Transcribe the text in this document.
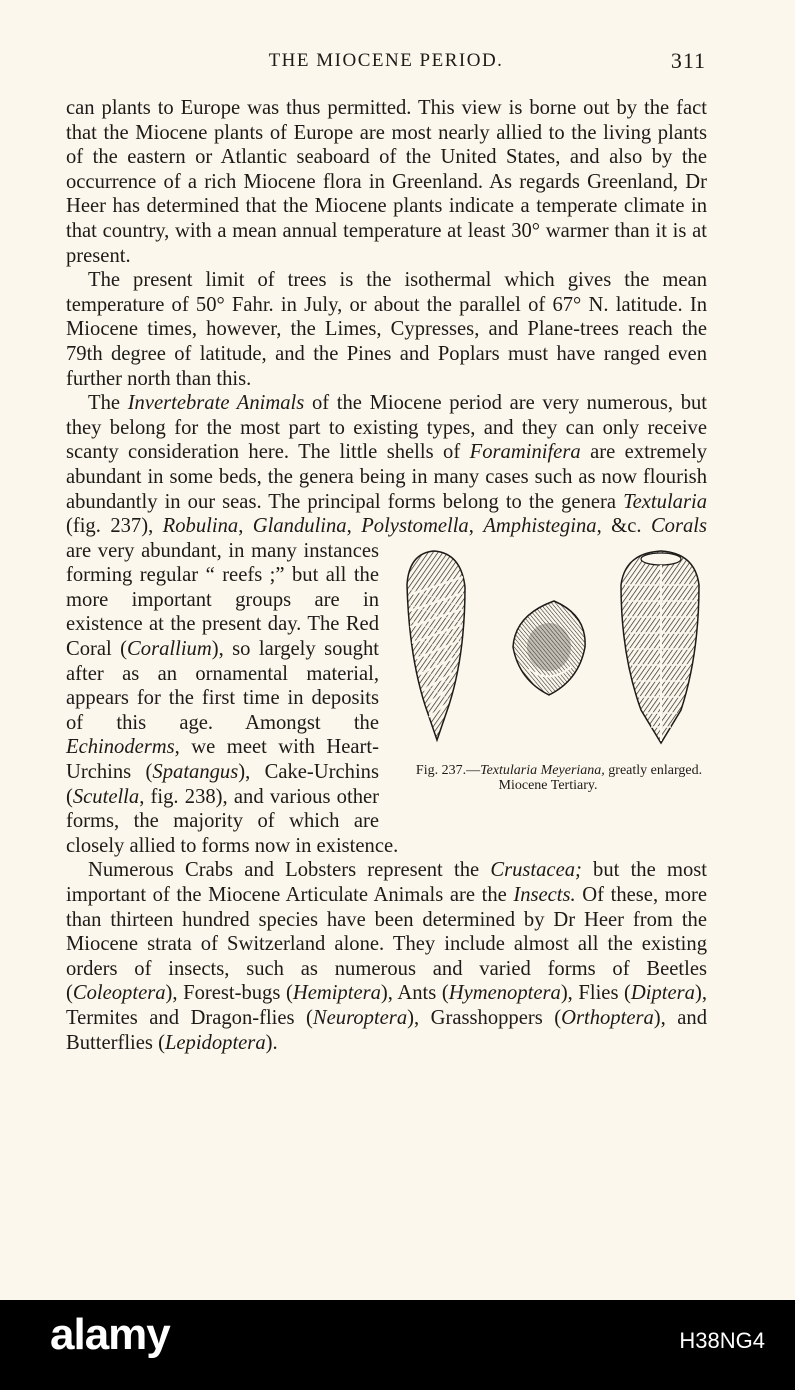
THE MIOCENE PERIOD.	311

can plants to Europe was thus permitted. This view is borne out by the fact that the Miocene plants of Europe are most nearly allied to the living plants of the eastern or Atlantic seaboard of the United States, and also by the occurrence of a rich Miocene flora in Greenland. As regards Greenland, Dr Heer has determined that the Miocene plants indicate a temperate climate in that country, with a mean annual temperature at least 30° warmer than it is at present.

The present limit of trees is the isothermal which gives the mean temperature of 50° Fahr. in July, or about the parallel of 67° N. latitude. In Miocene times, however, the Limes, Cypresses, and Plane-trees reach the 79th degree of latitude, and the Pines and Poplars must have ranged even further north than this.

The Invertebrate Animals of the Miocene period are very numerous, but they belong for the most part to existing types, and they can only receive scanty consideration here. The little shells of Foraminifera are extremely abundant in some beds, the genera being in many cases such as now flourish abundantly in our seas. The principal forms belong to the genera Textularia (fig. 237), Robulina, Glandulina, Polystomella, Amphistegina, &c.
Fig. 237.—Textularia Meyeriana, greatly enlarged. Miocene Tertiary.
Corals are very abundant, in many instances forming regular “ reefs ;” but all the more important groups are in existence at the present day. The Red Coral (Corallium), so largely sought after as an ornamental material, appears for the first time in deposits of this age. Amongst the Echinoderms, we meet with Heart-Urchins (Spatangus), Cake-Urchins (Scutella, fig. 238), and various other forms, the majority of which are closely allied to forms now in existence.

Numerous Crabs and Lobsters represent the Crustacea; but the most important of the Miocene Articulate Animals are the Insects. Of these, more than thirteen hundred species have been determined by Dr Heer from the Miocene strata of Switzerland alone. They include almost all the existing orders of insects, such as numerous and varied forms of Beetles (Coleoptera), Forest-bugs (Hemiptera), Ants (Hymenoptera), Flies (Diptera), Termites and Dragon-flies (Neuroptera), Grasshoppers (Orthoptera), and Butterflies (Lepidoptera).

alamy	H38NG4
